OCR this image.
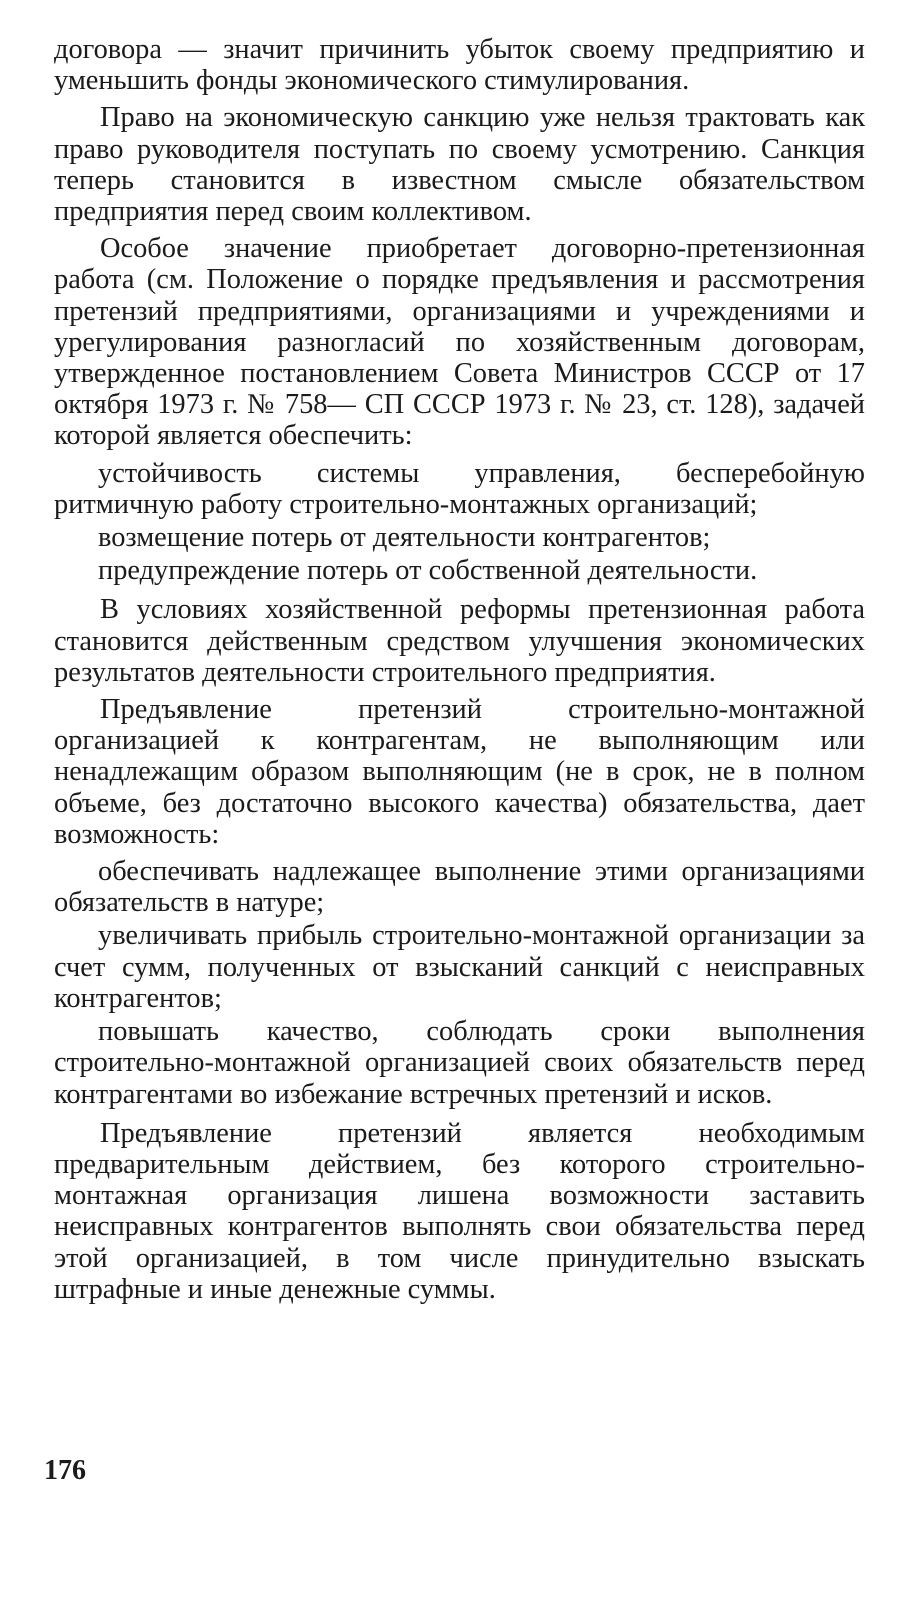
договора — значит причинить убыток своему предприятию и уменьшить фонды экономического стимулирования.

Право на экономическую санкцию уже нельзя трактовать как право руководителя поступать по своему усмотрению. Санкция теперь становится в известном смысле обязательством предприятия перед своим коллективом.

Особое значение приобретает договорно-претензионная работа (см. Положение о порядке предъявления и рассмотрения претензий предприятиями, организациями и учреждениями и урегулирования разногласий по хозяйственным договорам, утвержденное постановлением Совета Министров СССР от 17 октября 1973 г. № 758— СП СССР 1973 г. № 23, ст. 128), задачей которой является обеспечить:

устойчивость системы управления, бесперебойную ритмичную работу строительно-монтажных организаций;

возмещение потерь от деятельности контрагентов;

предупреждение потерь от собственной деятельности.

В условиях хозяйственной реформы претензионная работа становится действенным средством улучшения экономических результатов деятельности строительного предприятия.

Предъявление претензий строительно-монтажной организацией к контрагентам, не выполняющим или ненадлежащим образом выполняющим (не в срок, не в полном объеме, без достаточно высокого качества) обязательства, дает возможность:

обеспечивать надлежащее выполнение этими организациями обязательств в натуре;

увеличивать прибыль строительно-монтажной организации за счет сумм, полученных от взысканий санкций с неисправных контрагентов;

повышать качество, соблюдать сроки выполнения строительно-монтажной организацией своих обязательств перед контрагентами во избежание встречных претензий и исков.

Предъявление претензий является необходимым предварительным действием, без которого строительно-монтажная организация лишена возможности заставить неисправных контрагентов выполнять свои обязательства перед этой организацией, в том числе принудительно взыскать штрафные и иные денежные суммы.

176
